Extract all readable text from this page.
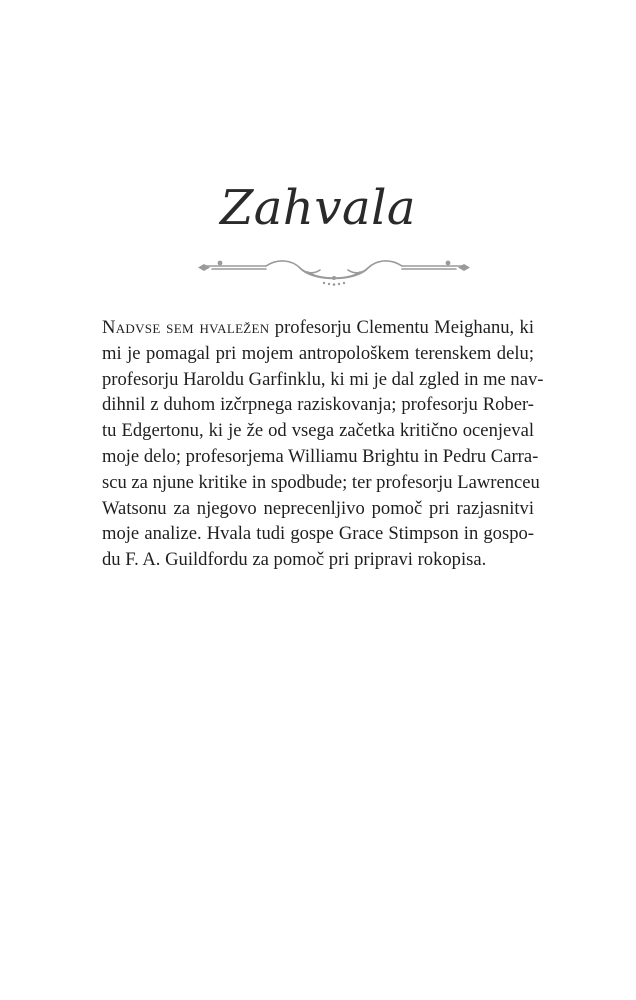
Zahvala
Nadvse sem hvaležen profesorju Clementu Meighanu, ki
mi je pomagal pri mojem antropološkem terenskem delu;
profesorju Haroldu Garfinklu, ki mi je dal zgled in me nav-
dihnil z duhom izčrpnega raziskovanja; profesorju Rober-
tu Edgertonu, ki je že od vsega začetka kritično ocenjeval
moje delo; profesorjema Williamu Brightu in Pedru Carra-
scu za njune kritike in spodbude; ter profesorju Lawrenceu
Watsonu za njegovo neprecenljivo pomoč pri razjasnitvi
moje analize. Hvala tudi gospe Grace Stimpson in gospo-
du F. A. Guildfordu za pomoč pri pripravi rokopisa.
